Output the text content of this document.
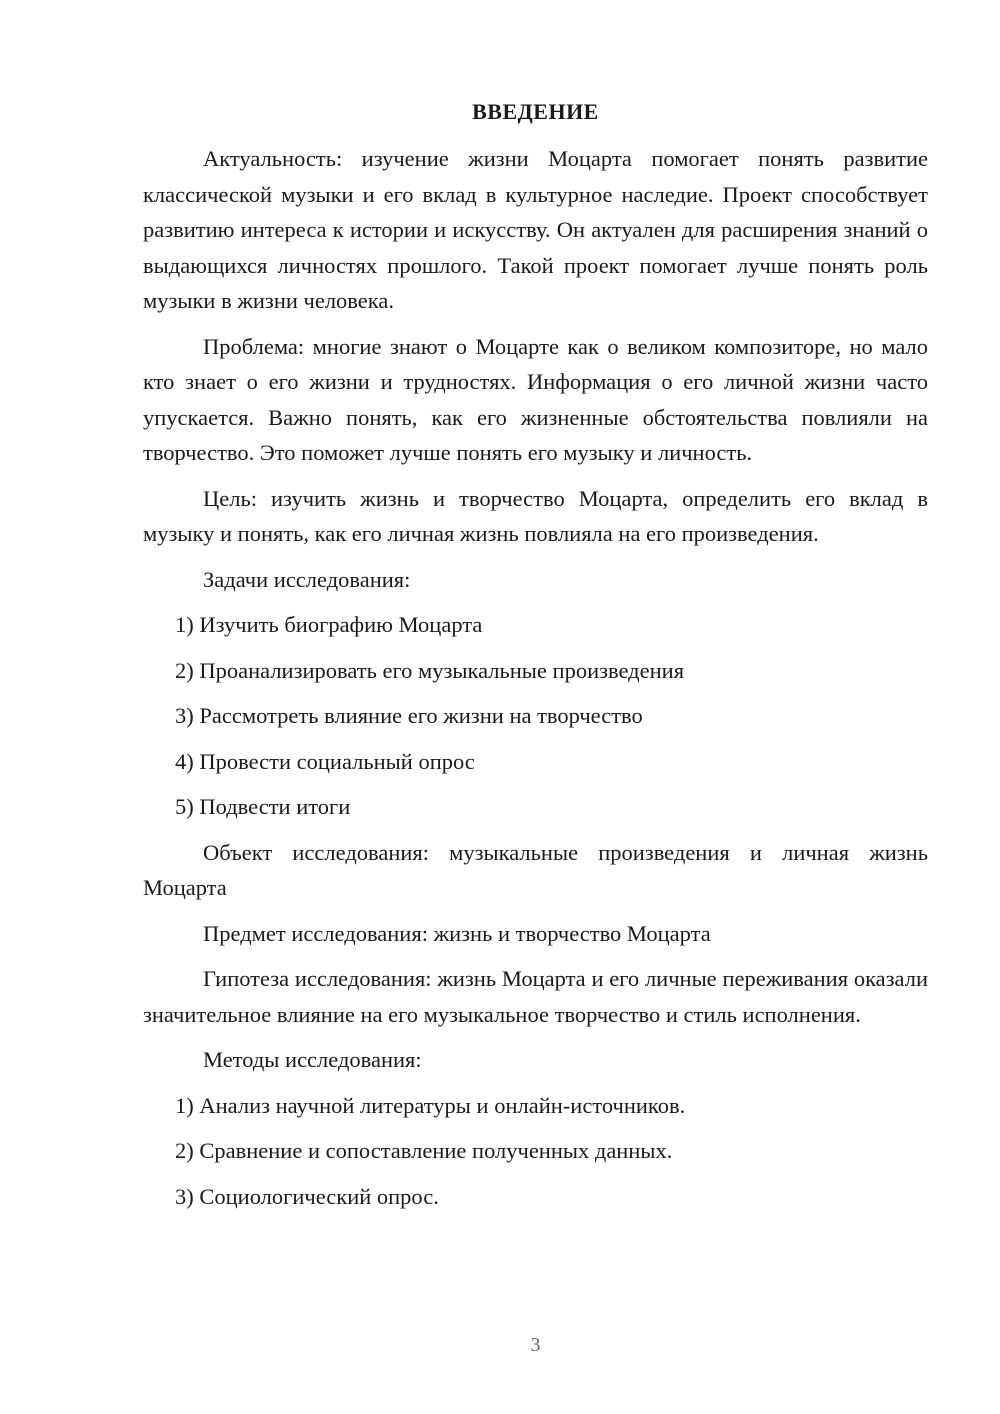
ВВЕДЕНИЕ

Актуальность: изучение жизни Моцарта помогает понять развитие классической музыки и его вклад в культурное наследие. Проект способствует развитию интереса к истории и искусству. Он актуален для расширения знаний о выдающихся личностях прошлого. Такой проект помогает лучше понять роль музыки в жизни человека.

Проблема: многие знают о Моцарте как о великом композиторе, но мало кто знает о его жизни и трудностях. Информация о его личной жизни часто упускается. Важно понять, как его жизненные обстоятельства повлияли на творчество. Это поможет лучше понять его музыку и личность.

Цель: изучить жизнь и творчество Моцарта, определить его вклад в музыку и понять, как его личная жизнь повлияла на его произведения.

Задачи исследования:

1) Изучить биографию Моцарта
2) Проанализировать его музыкальные произведения
3) Рассмотреть влияние его жизни на творчество
4) Провести социальный опрос
5) Подвести итоги

Объект исследования: музыкальные произведения и личная жизнь Моцарта

Предмет исследования: жизнь и творчество Моцарта

Гипотеза исследования: жизнь Моцарта и его личные переживания оказали значительное влияние на его музыкальное творчество и стиль исполнения.

Методы исследования:

1) Анализ научной литературы и онлайн-источников.
2) Сравнение и сопоставление полученных данных.
3) Социологический опрос.
3
